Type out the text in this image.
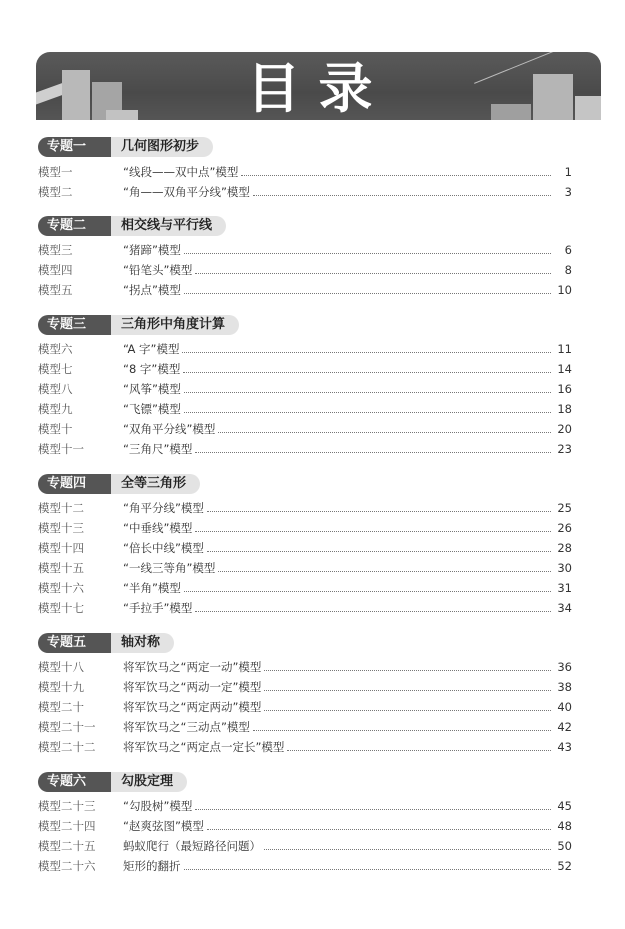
目录
专题一	几何图形初步
模型一	“线段——双中点”模型	1
模型二	“角——双角平分线”模型	3
专题二	相交线与平行线
模型三	“猪蹄”模型	6
模型四	“铅笔头”模型	8
模型五	“拐点”模型	10
专题三	三角形中角度计算
模型六	“A 字”模型	11
模型七	“8 字”模型	14
模型八	“风筝”模型	16
模型九	“飞镖”模型	18
模型十	“双角平分线”模型	20
模型十一	“三角尺”模型	23
专题四	全等三角形
模型十二	“角平分线”模型	25
模型十三	“中垂线”模型	26
模型十四	“倍长中线”模型	28
模型十五	“一线三等角”模型	30
模型十六	“半角”模型	31
模型十七	“手拉手”模型	34
专题五	轴对称
模型十八	将军饮马之“两定一动”模型	36
模型十九	将军饮马之“两动一定”模型	38
模型二十	将军饮马之“两定两动”模型	40
模型二十一	将军饮马之“三动点”模型	42
模型二十二	将军饮马之“两定点一定长”模型	43
专题六	勾股定理
模型二十三	“勾股树”模型	45
模型二十四	“赵爽弦图”模型	48
模型二十五	蚂蚁爬行（最短路径问题）	50
模型二十六	矩形的翻折	52
